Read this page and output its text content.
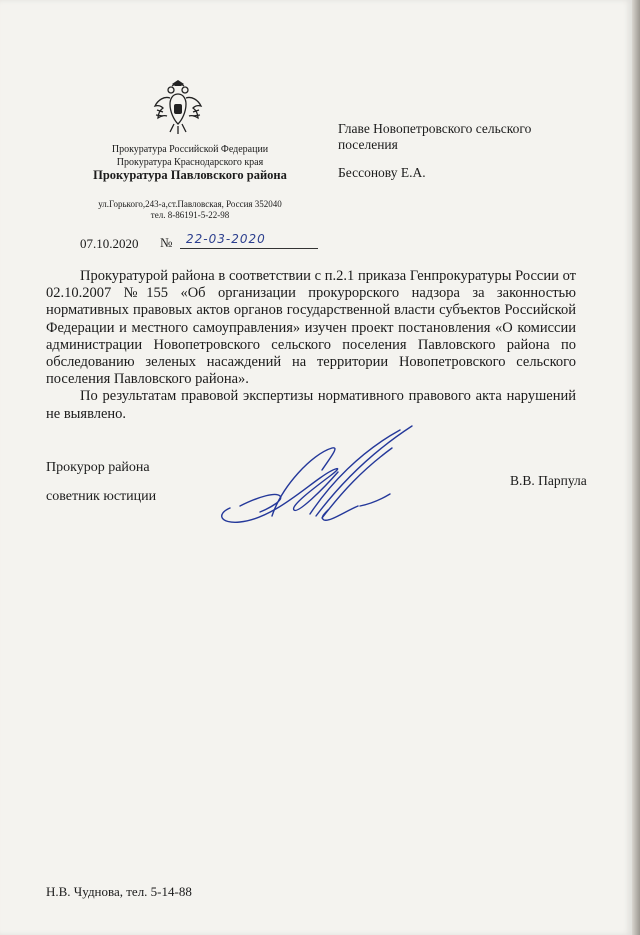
Прокуратура Российской Федерации
Прокуратура Краснодарского края
Прокуратура Павловского района
ул.Горького,243-а,ст.Павловская, Россия 352040
тел. 8-86191-5-22-98
Главе Новопетровского сельского
поселения
Бессонову Е.А.
07.10.2020 №	22-03-2020

Прокуратурой района в соответствии с п.2.1 приказа Генпрокуратуры России от 02.10.2007 №155 «Об организации прокурорского надзора за законностью нормативных правовых актов органов государственной власти субъектов Российской Федерации и местного самоуправления» изучен проект постановления «О комиссии администрации Новопетровского сельского поселения Павловского района по обследованию зеленых насаждений на территории Новопетровского сельского поселения Павловского района».

По результатам правовой экспертизы нормативного правового акта нарушений не выявлено.

Прокурор района
советник юстиции
В.В. Парпула
Н.В. Чуднова, тел. 5-14-88
